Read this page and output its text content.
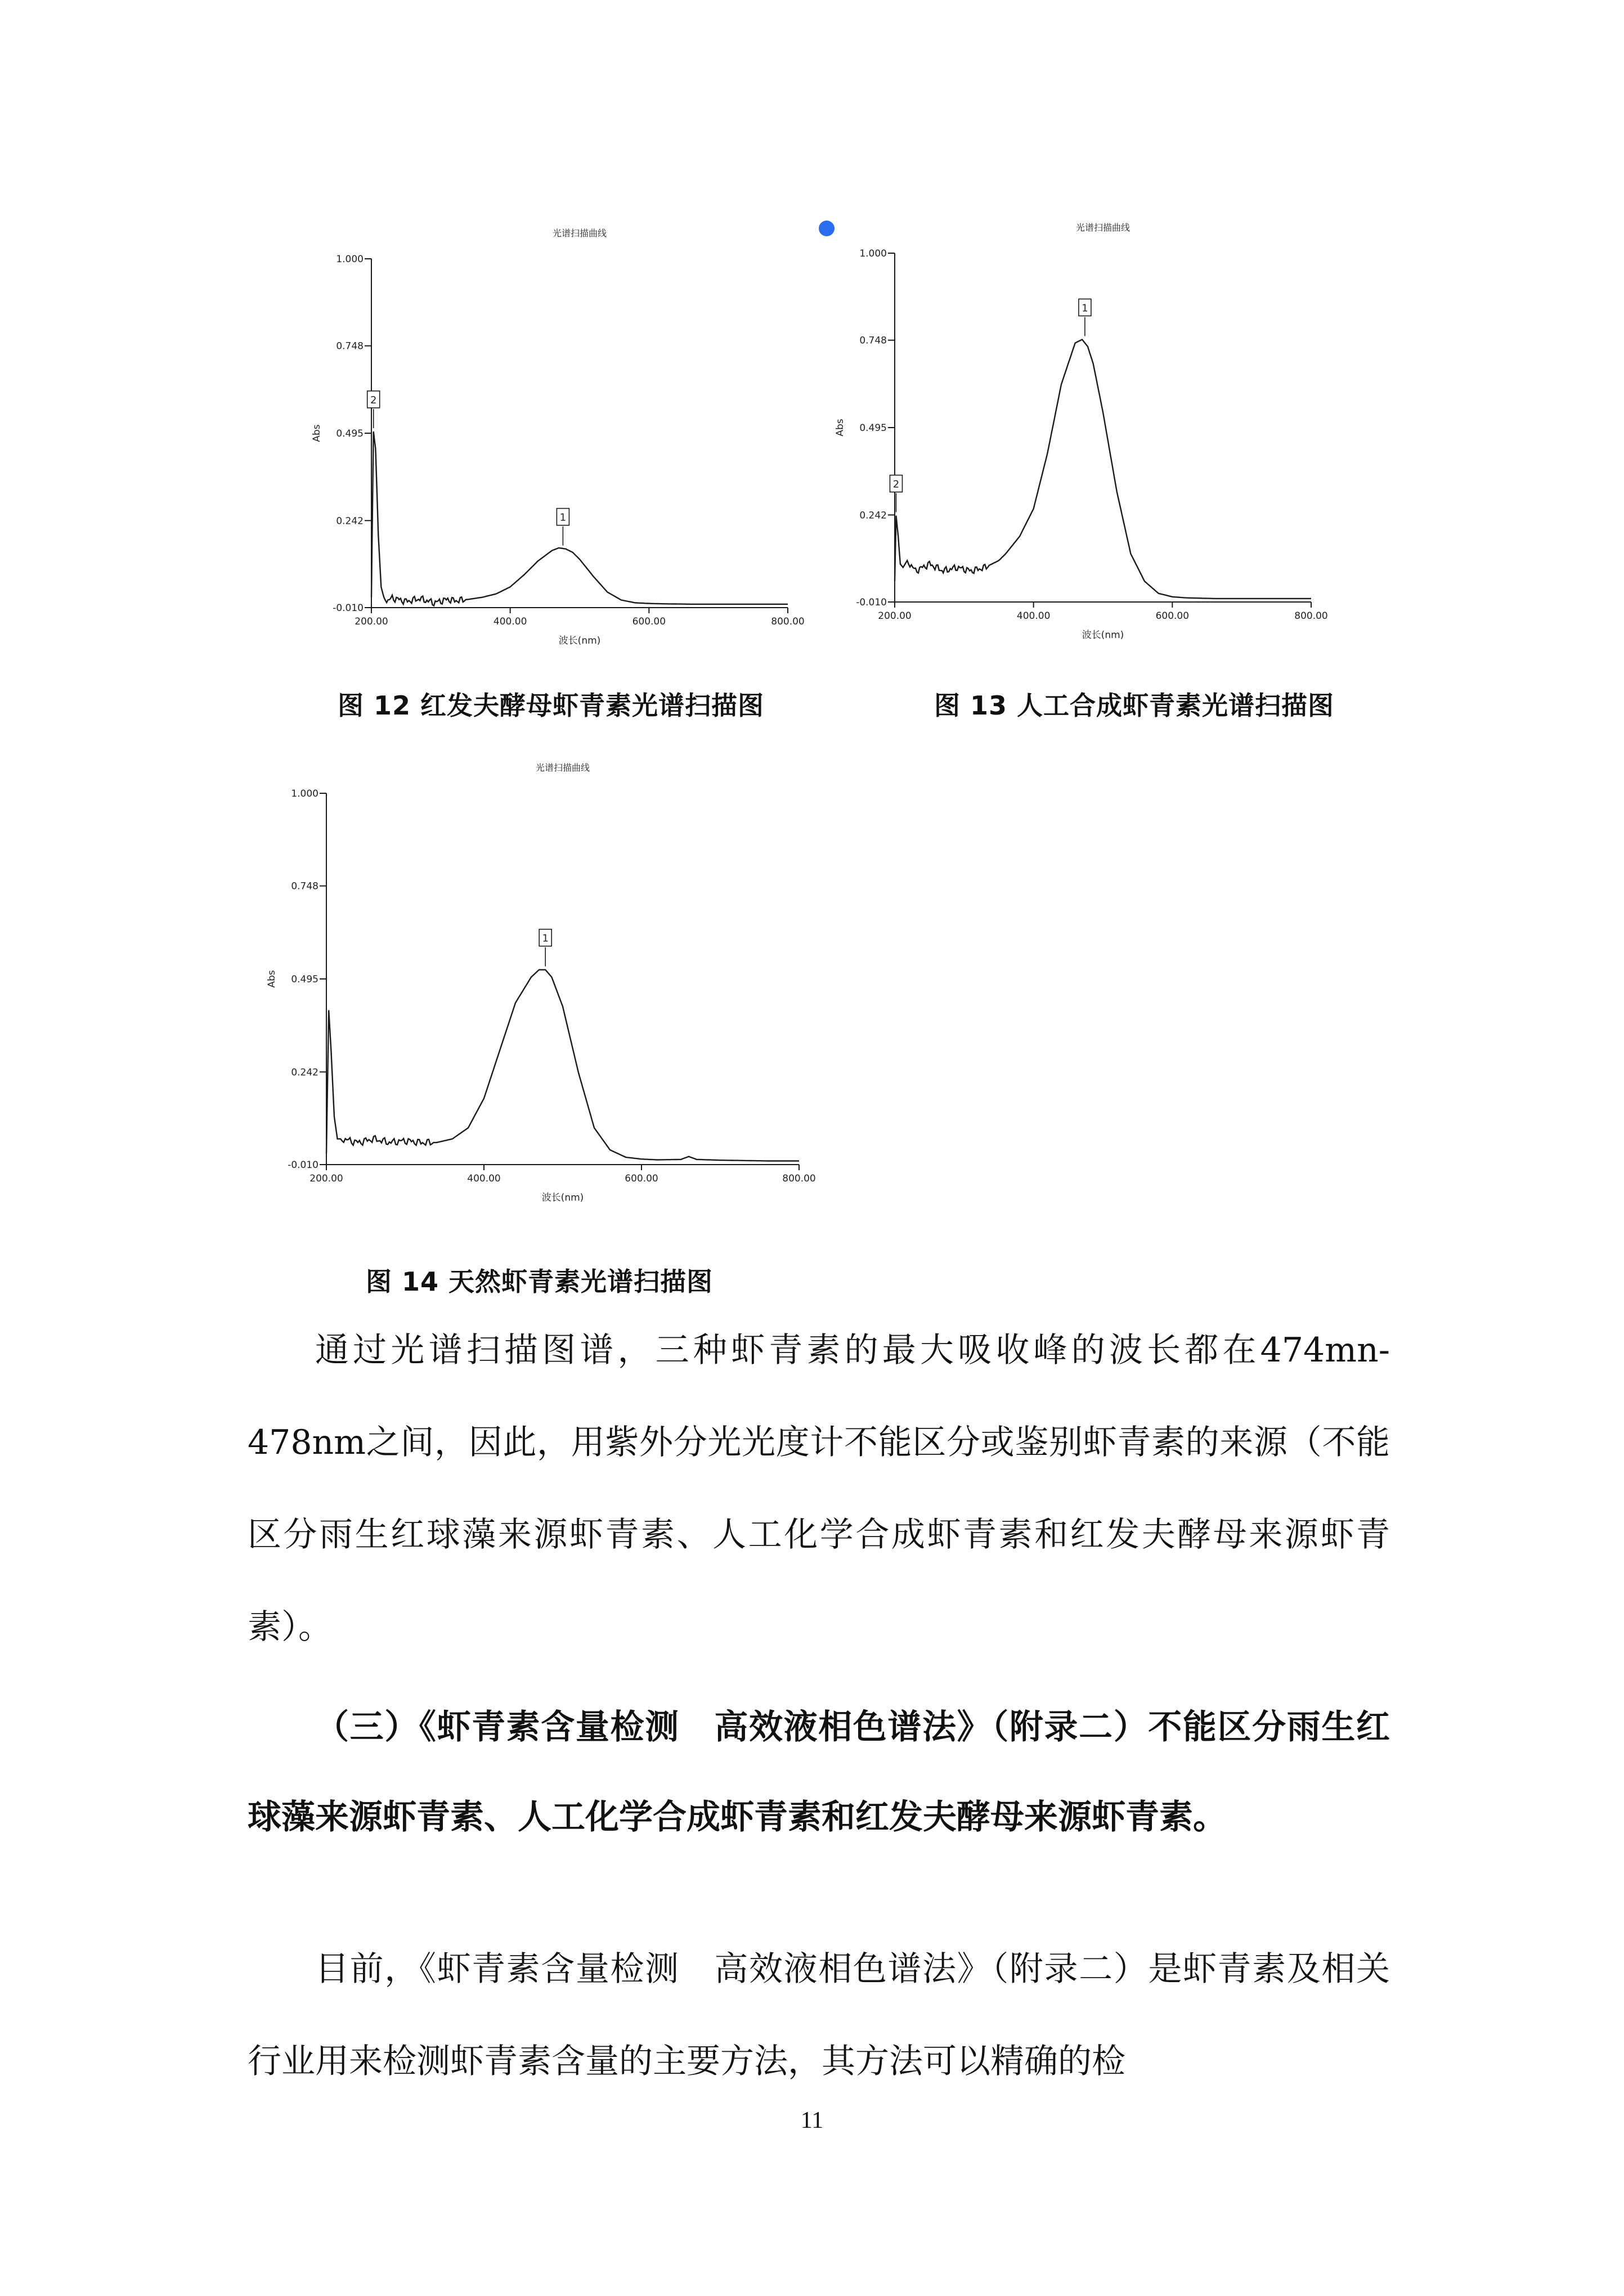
光谱扫描曲线
1.000
0.748
0.495
0.242
-0.010
200.00	400.00	600.00	800.00
波长(nm)
Abs
1
2
光谱扫描曲线
1.000
0.748
0.495
0.242
-0.010
200.00	400.00	600.00	800.00
波长(nm)
Abs
1
2
光谱扫描曲线
1.000
0.748
0.495
0.242
-0.010
200.00	400.00	600.00	800.00
波长(nm)
Abs
1
图 12 红发夫酵母虾青素光谱扫描图	图 13 人工合成虾青素光谱扫描图
图 14 天然虾青素光谱扫描图

通过光谱扫描图谱，三种虾青素的最大吸收峰的波长都在474mn-478nm之间，因此，用紫外分光光度计不能区分或鉴别虾青素的来源（不能区分雨生红球藻来源虾青素、人工化学合成虾青素和红发夫酵母来源虾青素）。

（三）《虾青素含量检测　高效液相色谱法》（附录二）不能区分雨生红球藻来源虾青素、人工化学合成虾青素和红发夫酵母来源虾青素。

目前，《虾青素含量检测　高效液相色谱法》（附录二）是虾青素及相关行业用来检测虾青素含量的主要方法，其方法可以精确的检

11
